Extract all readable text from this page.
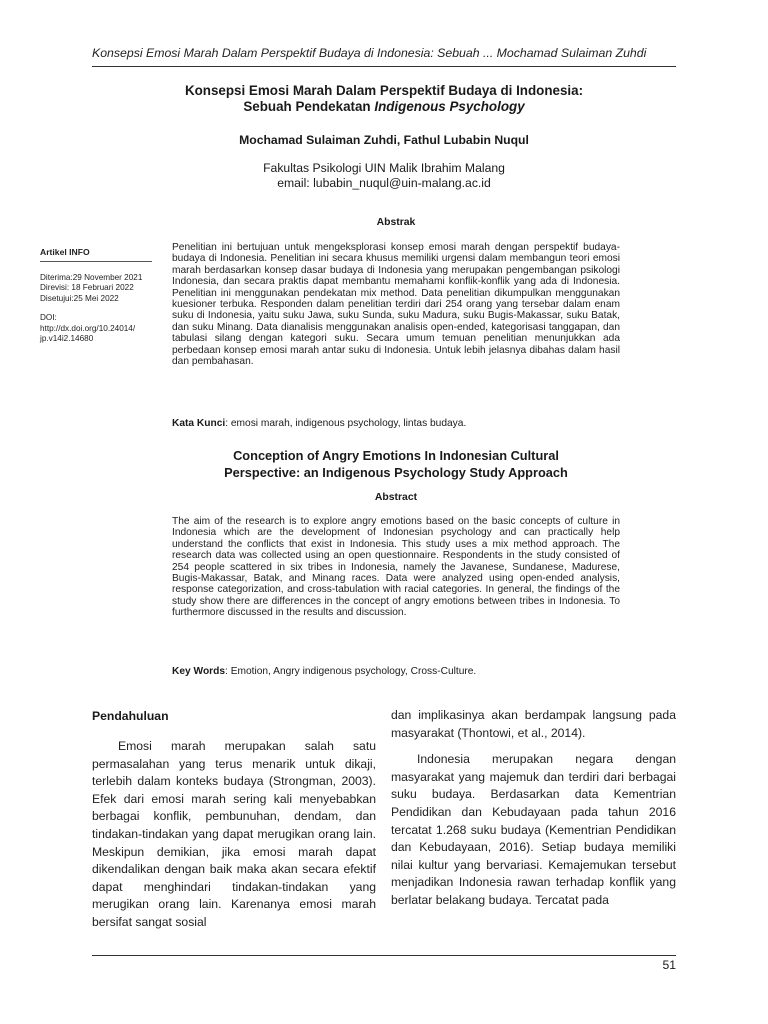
Konsepsi Emosi Marah Dalam Perspektif Budaya di Indonesia: Sebuah ... Mochamad Sulaiman Zuhdi
Konsepsi Emosi Marah Dalam Perspektif Budaya di Indonesia:
Sebuah Pendekatan Indigenous Psychology
Mochamad Sulaiman Zuhdi, Fathul Lubabin Nuqul
Fakultas Psikologi UIN Malik Ibrahim Malang
email: lubabin_nuqul@uin-malang.ac.id
Abstrak
Artikel INFO
Diterima:29 November 2021
Direvisi: 18 Februari 2022
Disetujui:25 Mei 2022
DOI:
http://dx.doi.org/10.24014/
jp.v14i2.14680
Penelitian ini bertujuan untuk mengeksplorasi konsep emosi marah dengan perspektif budaya-budaya di Indonesia. Penelitian ini secara khusus memiliki urgensi dalam membangun teori emosi marah berdasarkan konsep dasar budaya di Indonesia yang merupakan pengembangan psikologi Indonesia, dan secara praktis dapat membantu memahami konflik-konflik yang ada di Indonesia. Penelitian ini menggunakan pendekatan mix method. Data penelitian dikumpulkan menggunakan kuesioner terbuka. Responden dalam penelitian terdiri dari 254 orang yang tersebar dalam enam suku di Indonesia, yaitu suku Jawa, suku Sunda, suku Madura, suku Bugis-Makassar, suku Batak, dan suku Minang. Data dianalisis menggunakan analisis open-ended, kategorisasi tanggapan, dan tabulasi silang dengan kategori suku. Secara umum temuan penelitian menunjukkan ada perbedaan konsep emosi marah antar suku di Indonesia. Untuk lebih jelasnya dibahas dalam hasil dan pembahasan.
Kata Kunci: emosi marah, indigenous psychology, lintas budaya.
Conception of Angry Emotions In Indonesian Cultural
Perspective: an Indigenous Psychology Study Approach
Abstract
The aim of the research is to explore angry emotions based on the basic concepts of culture in Indonesia which are the development of Indonesian psychology and can practically help understand the conflicts that exist in Indonesia. This study uses a mix method approach. The research data was collected using an open questionnaire. Respondents in the study consisted of 254 people scattered in six tribes in Indonesia, namely the Javanese, Sundanese, Madurese, Bugis-Makassar, Batak, and Minang races. Data were analyzed using open-ended analysis, response categorization, and cross-tabulation with racial categories. In general, the findings of the study show there are differences in the concept of angry emotions between tribes in Indonesia. To furthermore discussed in the results and discussion.
Key Words: Emotion, Angry indigenous psychology, Cross-Culture.
Pendahuluan

Emosi marah merupakan salah satu permasalahan yang terus menarik untuk dikaji, terlebih dalam konteks budaya (Strongman, 2003). Efek dari emosi marah sering kali menyebabkan berbagai konflik, pembunuhan, dendam, dan tindakan-tindakan yang dapat merugikan orang lain. Meskipun demikian, jika emosi marah dapat dikendalikan dengan baik maka akan secara efektif dapat menghindari tindakan-tindakan yang merugikan orang lain. Karenanya emosi marah bersifat sangat sosial

dan implikasinya akan berdampak langsung pada masyarakat (Thontowi, et al., 2014).

Indonesia merupakan negara dengan masyarakat yang majemuk dan terdiri dari berbagai suku budaya. Berdasarkan data Kementrian Pendidikan dan Kebudayaan pada tahun 2016 tercatat 1.268 suku budaya (Kementrian Pendidikan dan Kebudayaan, 2016). Setiap budaya memiliki nilai kultur yang bervariasi. Kemajemukan tersebut menjadikan Indonesia rawan terhadap konflik yang berlatar belakang budaya. Tercatat pada

51
